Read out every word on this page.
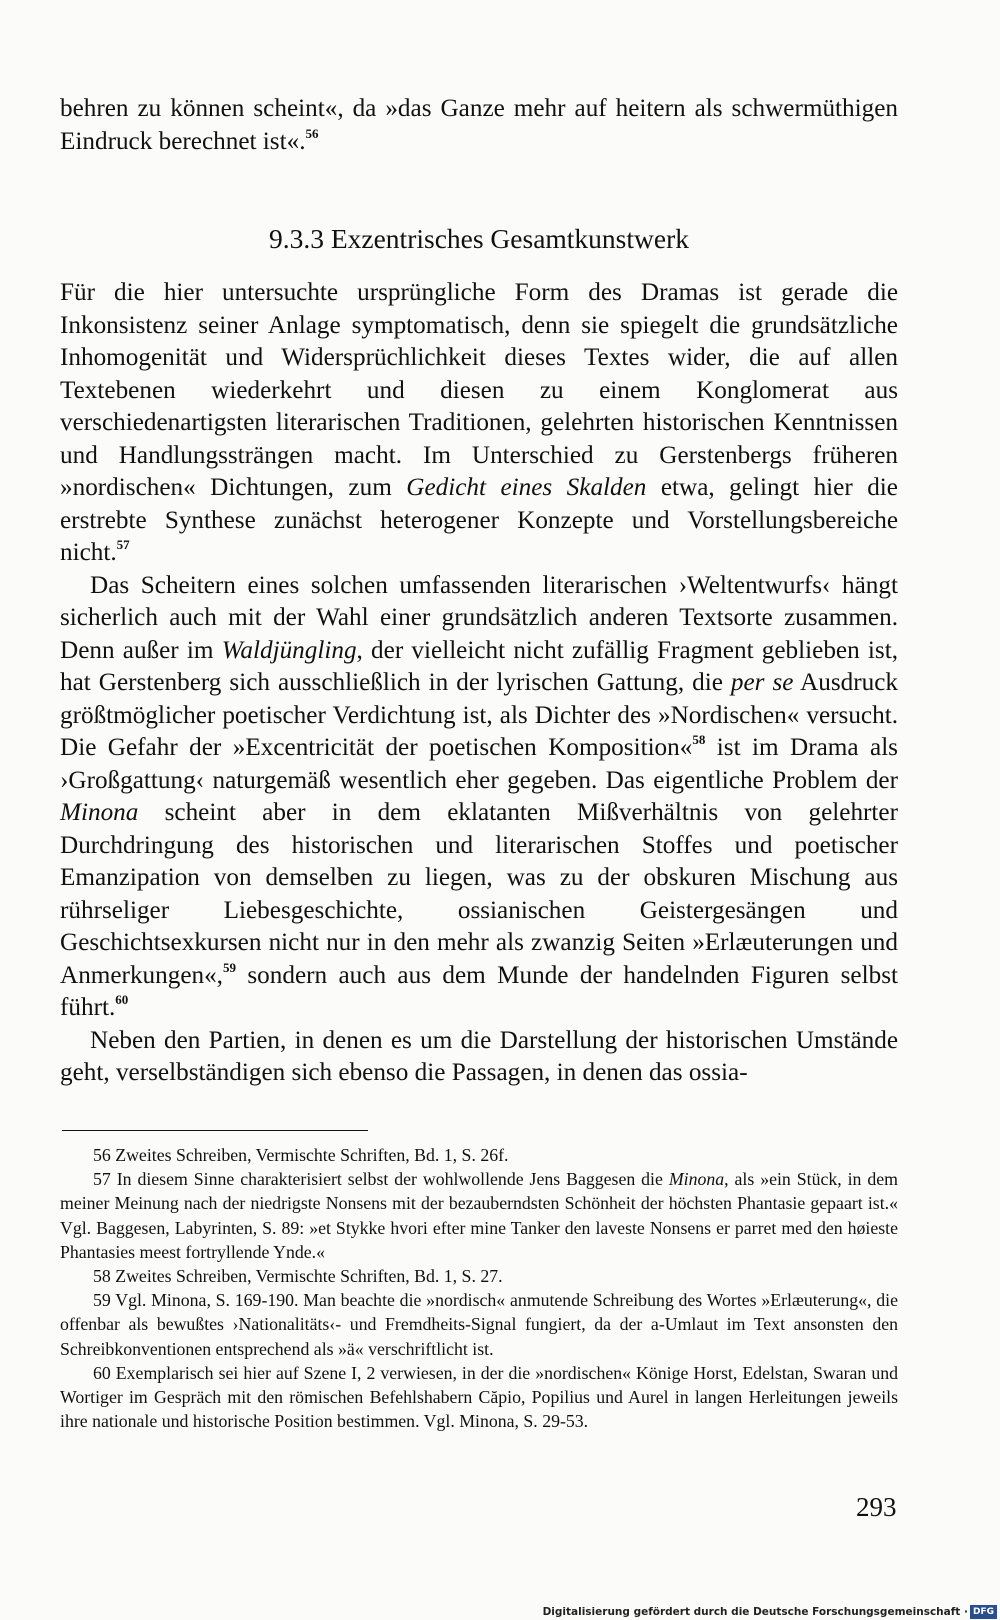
behren zu können scheint«, da »das Ganze mehr auf heitern als schwermüthigen Eindruck berechnet ist«.$^{56}$

9.3.3 Exzentrisches Gesamtkunstwerk

Für die hier untersuchte ursprüngliche Form des Dramas ist gerade die Inkonsistenz seiner Anlage symptomatisch, denn sie spiegelt die grundsätzliche Inhomogenität und Widersprüchlichkeit dieses Textes wider, die auf allen Textebenen wiederkehrt und diesen zu einem Konglomerat aus verschiedenartigsten literarischen Traditionen, gelehrten historischen Kenntnissen und Handlungssträngen macht. Im Unterschied zu Gerstenbergs früheren »nordischen« Dichtungen, zum Gedicht eines Skalden etwa, gelingt hier die erstrebte Synthese zunächst heterogener Konzepte und Vorstellungsbereiche nicht.$^{57}$

Das Scheitern eines solchen umfassenden literarischen ›Weltentwurfs‹ hängt sicherlich auch mit der Wahl einer grundsätzlich anderen Textsorte zusammen. Denn außer im Waldjüngling, der vielleicht nicht zufällig Fragment geblieben ist, hat Gerstenberg sich ausschließlich in der lyrischen Gattung, die per se Ausdruck größtmöglicher poetischer Verdichtung ist, als Dichter des »Nordischen« versucht. Die Gefahr der »Excentricität der poetischen Komposition«$^{58}$ ist im Drama als ›Großgattung‹ naturgemäß wesentlich eher gegeben. Das eigentliche Problem der Minona scheint aber in dem eklatanten Mißverhältnis von gelehrter Durchdringung des historischen und literarischen Stoffes und poetischer Emanzipation von demselben zu liegen, was zu der obskuren Mischung aus rührseliger Liebesgeschichte, ossianischen Geistergesängen und Geschichtsexkursen nicht nur in den mehr als zwanzig Seiten »Erlæuterungen und Anmerkungen«,$^{59}$ sondern auch aus dem Munde der handelnden Figuren selbst führt.$^{60}$

Neben den Partien, in denen es um die Darstellung der historischen Umstände geht, verselbständigen sich ebenso die Passagen, in denen das ossia-

56 Zweites Schreiben, Vermischte Schriften, Bd. 1, S. 26f.

57 In diesem Sinne charakterisiert selbst der wohlwollende Jens Baggesen die Minona, als »ein Stück, in dem meiner Meinung nach der niedrigste Nonsens mit der bezauberndsten Schönheit der höchsten Phantasie gepaart ist.« Vgl. Baggesen, Labyrinten, S. 89: »et Stykke hvori efter mine Tanker den laveste Nonsens er parret med den høieste Phantasies meest fortryllende Ynde.«

58 Zweites Schreiben, Vermischte Schriften, Bd. 1, S. 27.

59 Vgl. Minona, S. 169-190. Man beachte die »nordisch« anmutende Schreibung des Wortes »Erlæuterung«, die offenbar als bewußtes ›Nationalitäts‹- und Fremdheits-Signal fungiert, da der a-Umlaut im Text ansonsten den Schreibkonventionen entsprechend als »ä« verschriftlicht ist.

60 Exemplarisch sei hier auf Szene I, 2 verwiesen, in der die »nordischen« Könige Horst, Edelstan, Swaran und Wortiger im Gespräch mit den römischen Befehlshabern Căpio, Popilius und Aurel in langen Herleitungen jeweils ihre nationale und historische Position bestimmen. Vgl. Minona, S. 29-53.

293
Digitalisierung gefördert durch die Deutsche Forschungsgemeinschaft · DFG
